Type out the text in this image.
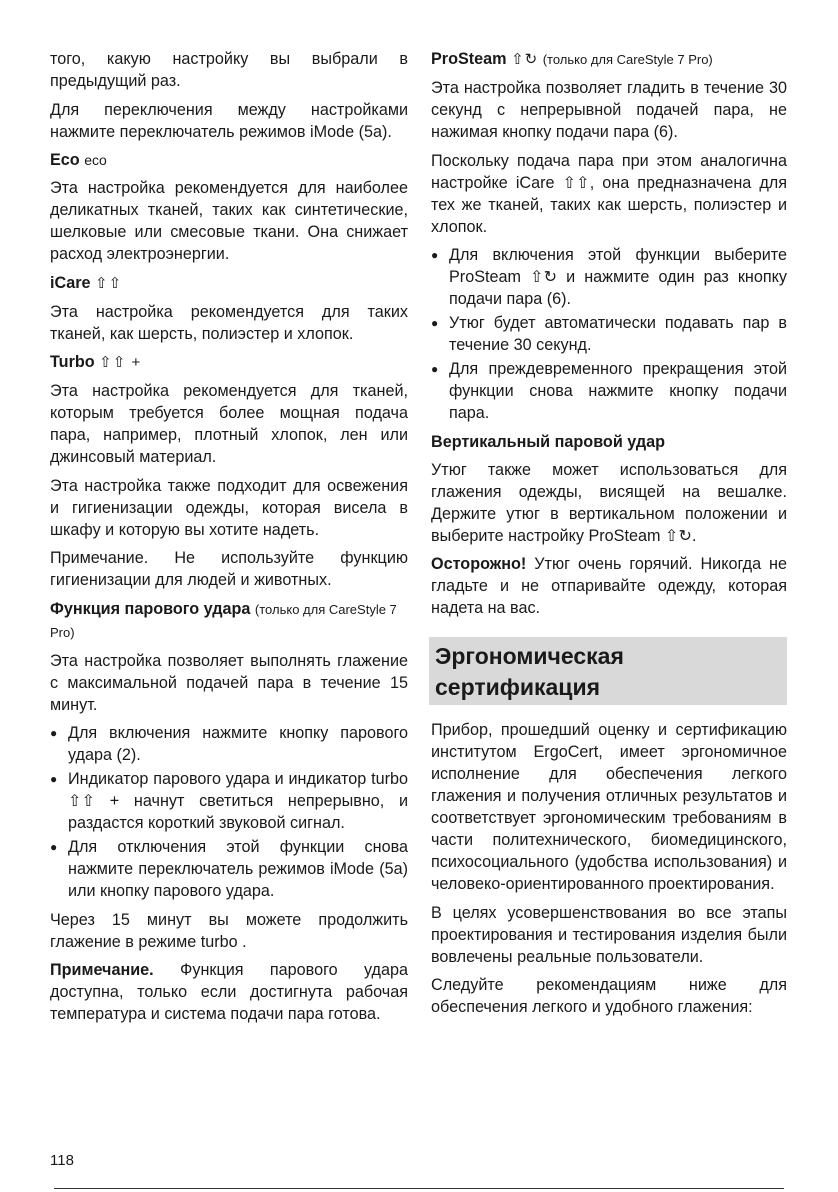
того, какую настройку вы выбрали в предыдущий раз.

Для переключения между настройками нажмите переключатель режимов iMode (5а).

Eco eco

Эта настройка рекомендуется для наиболее деликатных тканей, таких как синтетические, шелковые или смесовые ткани. Она снижает расход электроэнергии.

iCare ⇧⇧

Эта настройка рекомендуется для таких тканей, как шерсть, полиэстер и хлопок.

Turbo ⇧⇧ +

Эта настройка рекомендуется для тканей, которым требуется более мощная подача пара, например, плотный хлопок, лен или джинсовый материал.

Эта настройка также подходит для освежения и гигиенизации одежды, которая висела в шкафу и которую вы хотите надеть.

Примечание. Не используйте функцию гигиенизации для людей и животных.

Функция парового удара (только для CareStyle 7 Pro)

Эта настройка позволяет выполнять глажение с максимальной подачей пара в течение 15 минут.

● Для включения нажмите кнопку парового удара (2).
● Индикатор парового удара и индикатор turbo ⇧⇧ + начнут светиться непрерывно, и раздастся короткий звуковой сигнал.
● Для отключения этой функции снова нажмите переключатель режимов iMode (5а) или кнопку парового удара.

Через 15 минут вы можете продолжить глажение в режиме turbo .

Примечание. Функция парового удара доступна, только если достигнута рабочая температура и система подачи пара готова.

ProSteam ⇧↻ (только для CareStyle 7 Pro)

Эта настройка позволяет гладить в течение 30 секунд с непрерывной подачей пара, не нажимая кнопку подачи пара (6).

Поскольку подача пара при этом аналогична настройке iCare ⇧⇧, она предназначена для тех же тканей, таких как шерсть, полиэстер и хлопок.

● Для включения этой функции выберите ProSteam ⇧↻ и нажмите один раз кнопку подачи пара (6).
● Утюг будет автоматически подавать пар в течение 30 секунд.
● Для преждевременного прекращения этой функции снова нажмите кнопку подачи пара.
Вертикальный паровой удар

Утюг также может использоваться для глажения одежды, висящей на вешалке. Держите утюг в вертикальном положении и выберите настройку ProSteam ⇧↻.

Осторожно! Утюг очень горячий. Никогда не гладьте и не отпаривайте одежду, которая надета на вас.

Эргономическая сертификация

Прибор, прошедший оценку и сертификацию институтом ErgoCert, имеет эргономичное исполнение для обеспечения легкого глажения и получения отличных результатов и соответствует эргономическим требованиям в части политехнического, биомедицинского, психосоциального (удобства использования) и человеко-ориентированного проектирования.

В целях усовершенствования во все этапы проектирования и тестирования изделия были вовлечены реальные пользователи.

Следуйте рекомендациям ниже для обеспечения легкого и удобного глажения:

118
